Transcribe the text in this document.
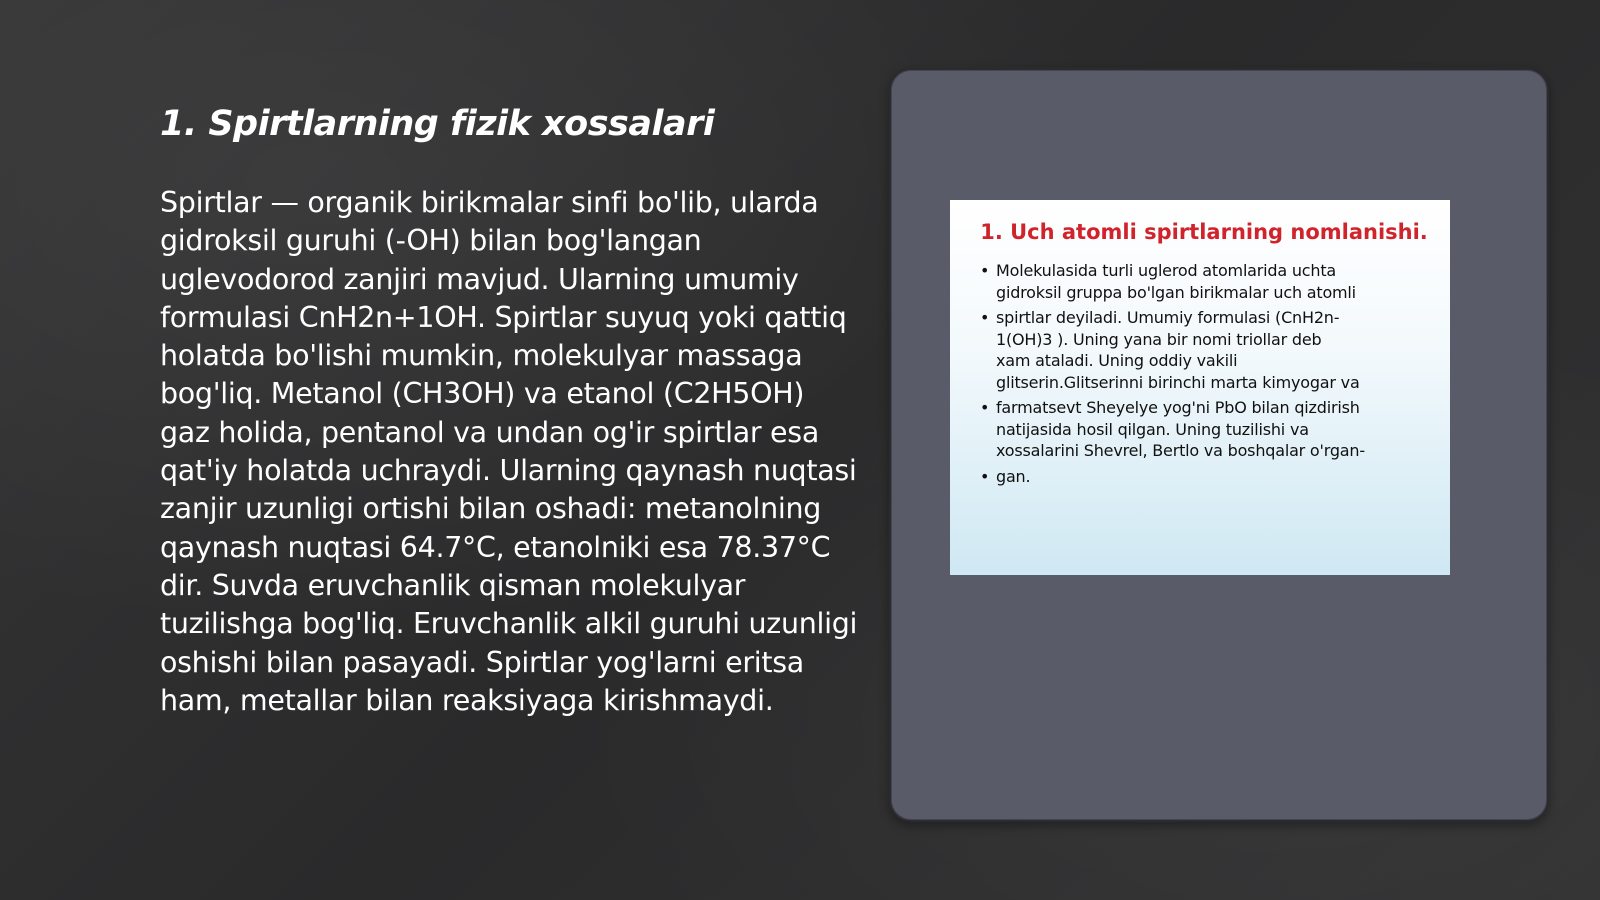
1. Spirtlarning fizik xossalari

Spirtlar — organik birikmalar sinfi bo'lib, ularda gidroksil guruhi (-OH) bilan bog'langan uglevodorod zanjiri mavjud. Ularning umumiy formulasi CnH2n+1OH. Spirtlar suyuq yoki qattiq holatda bo'lishi mumkin, molekulyar massaga bog'liq. Metanol (CH3OH) va etanol (C2H5OH) gaz holida, pentanol va undan og'ir spirtlar esa qat'iy holatda uchraydi. Ularning qaynash nuqtasi zanjir uzunligi ortishi bilan oshadi: metanolning qaynash nuqtasi 64.7°C, etanolniki esa 78.37°C dir. Suvda eruvchanlik qisman molekulyar tuzilishga bog'liq. Eruvchanlik alkil guruhi uzunligi oshishi bilan pasayadi. Spirtlar yog'larni eritsa ham, metallar bilan reaksiyaga kirishmaydi.

1. Uch atomli spirtlarning nomlanishi.
• Molekulasida turli uglerod atomlarida uchta
gidroksil gruppa bo'lgan birikmalar uch atomli
• spirtlar deyiladi. Umumiy formulasi (CnH2n-
1(OH)3 ). Uning yana bir nomi triollar deb
xam ataladi. Uning oddiy vakili
glitserin.Glitserinni birinchi marta kimyogar va
• farmatsevt Sheyelye yog'ni PbO bilan qizdirish
natijasida hosil qilgan. Uning tuzilishi va
xossalarini Shevrel, Bertlo va boshqalar o'rgan-
• gan.
